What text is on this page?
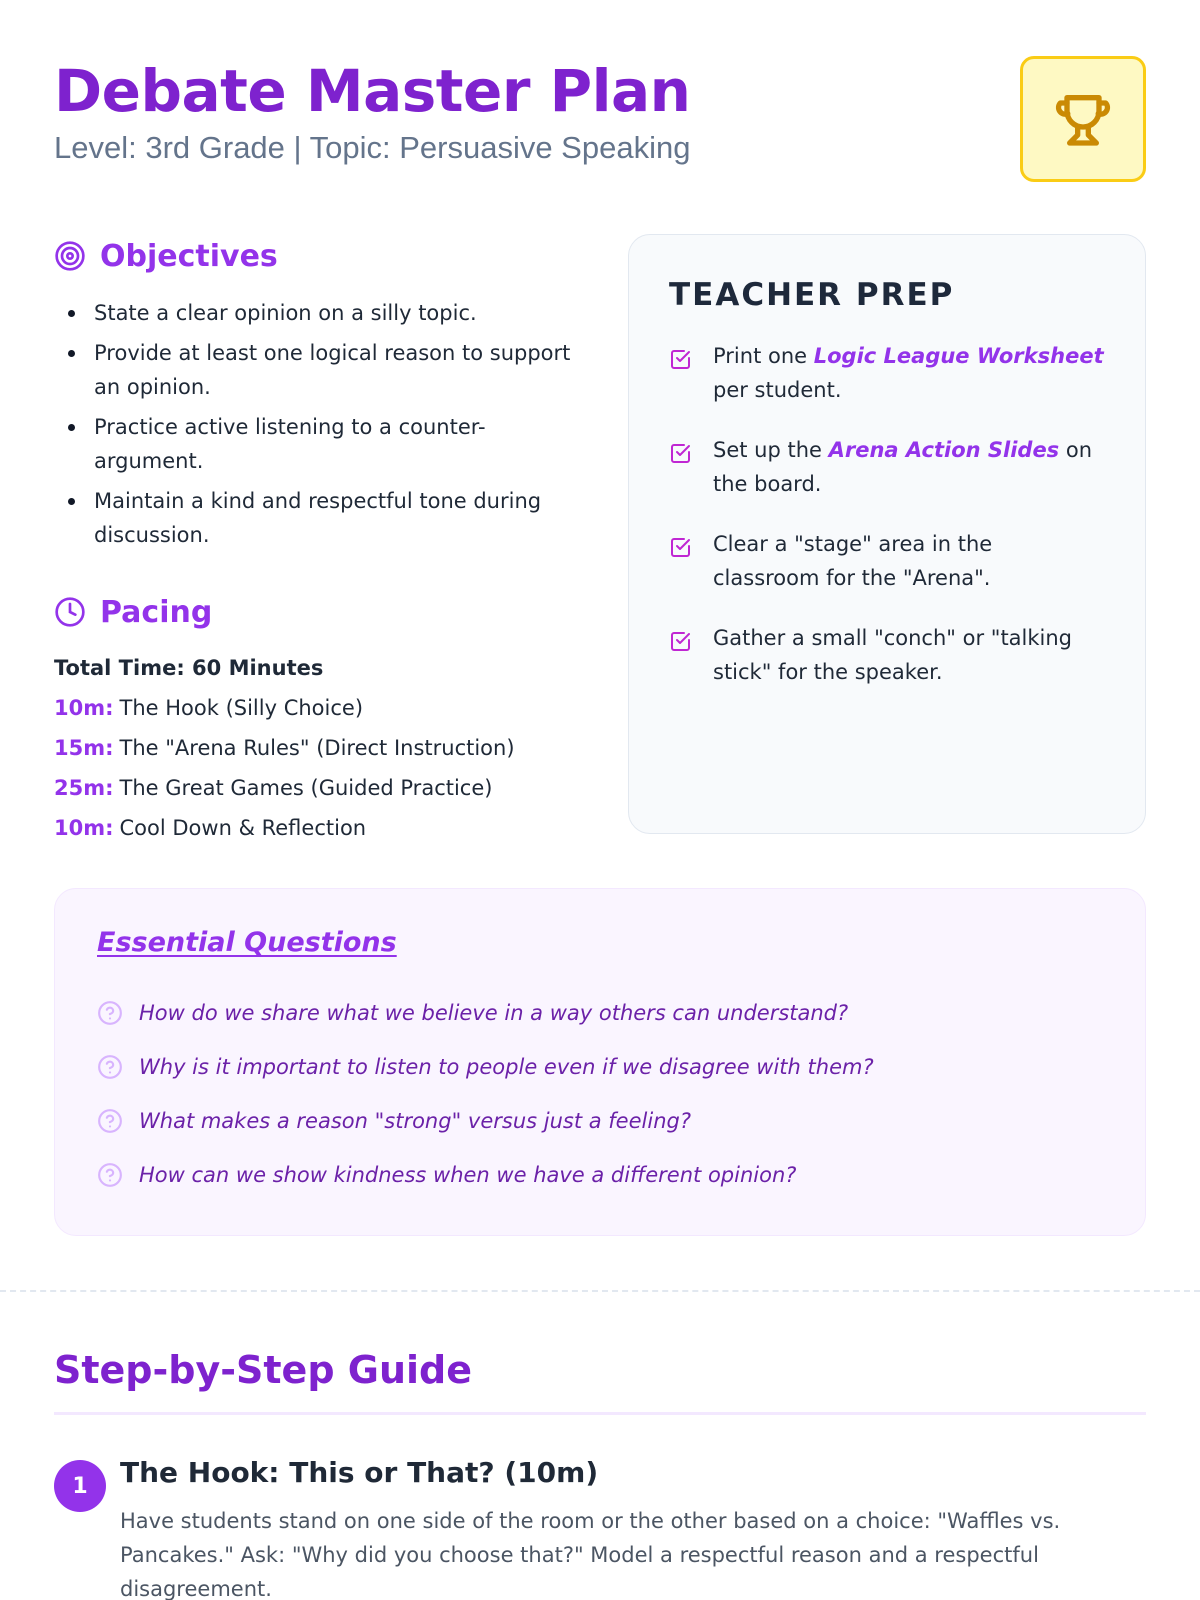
Debate Master Plan
Level: 3rd Grade | Topic: Persuasive Speaking
Objectives
State a clear opinion on a silly topic.
Provide at least one logical reason to support an opinion.
Practice active listening to a counter-argument.
Maintain a kind and respectful tone during discussion.
Pacing
Total Time: 60 Minutes
10m: The Hook (Silly Choice)
15m: The "Arena Rules" (Direct Instruction)
25m: The Great Games (Guided Practice)
10m: Cool Down & Reflection
TEACHER PREP
Print one Logic League Worksheet per student.
Set up the Arena Action Slides on the board.
Clear a "stage" area in the classroom for the "Arena".
Gather a small "conch" or "talking stick" for the speaker.
Essential Questions
How do we share what we believe in a way others can understand?
Why is it important to listen to people even if we disagree with them?
What makes a reason "strong" versus just a feeling?
How can we show kindness when we have a different opinion?
Step-by-Step Guide
1	The Hook: This or That? (10m)
Have students stand on one side of the room or the other based on a choice: "Waffles vs. Pancakes." Ask: "Why did you choose that?" Model a respectful reason and a respectful disagreement.
